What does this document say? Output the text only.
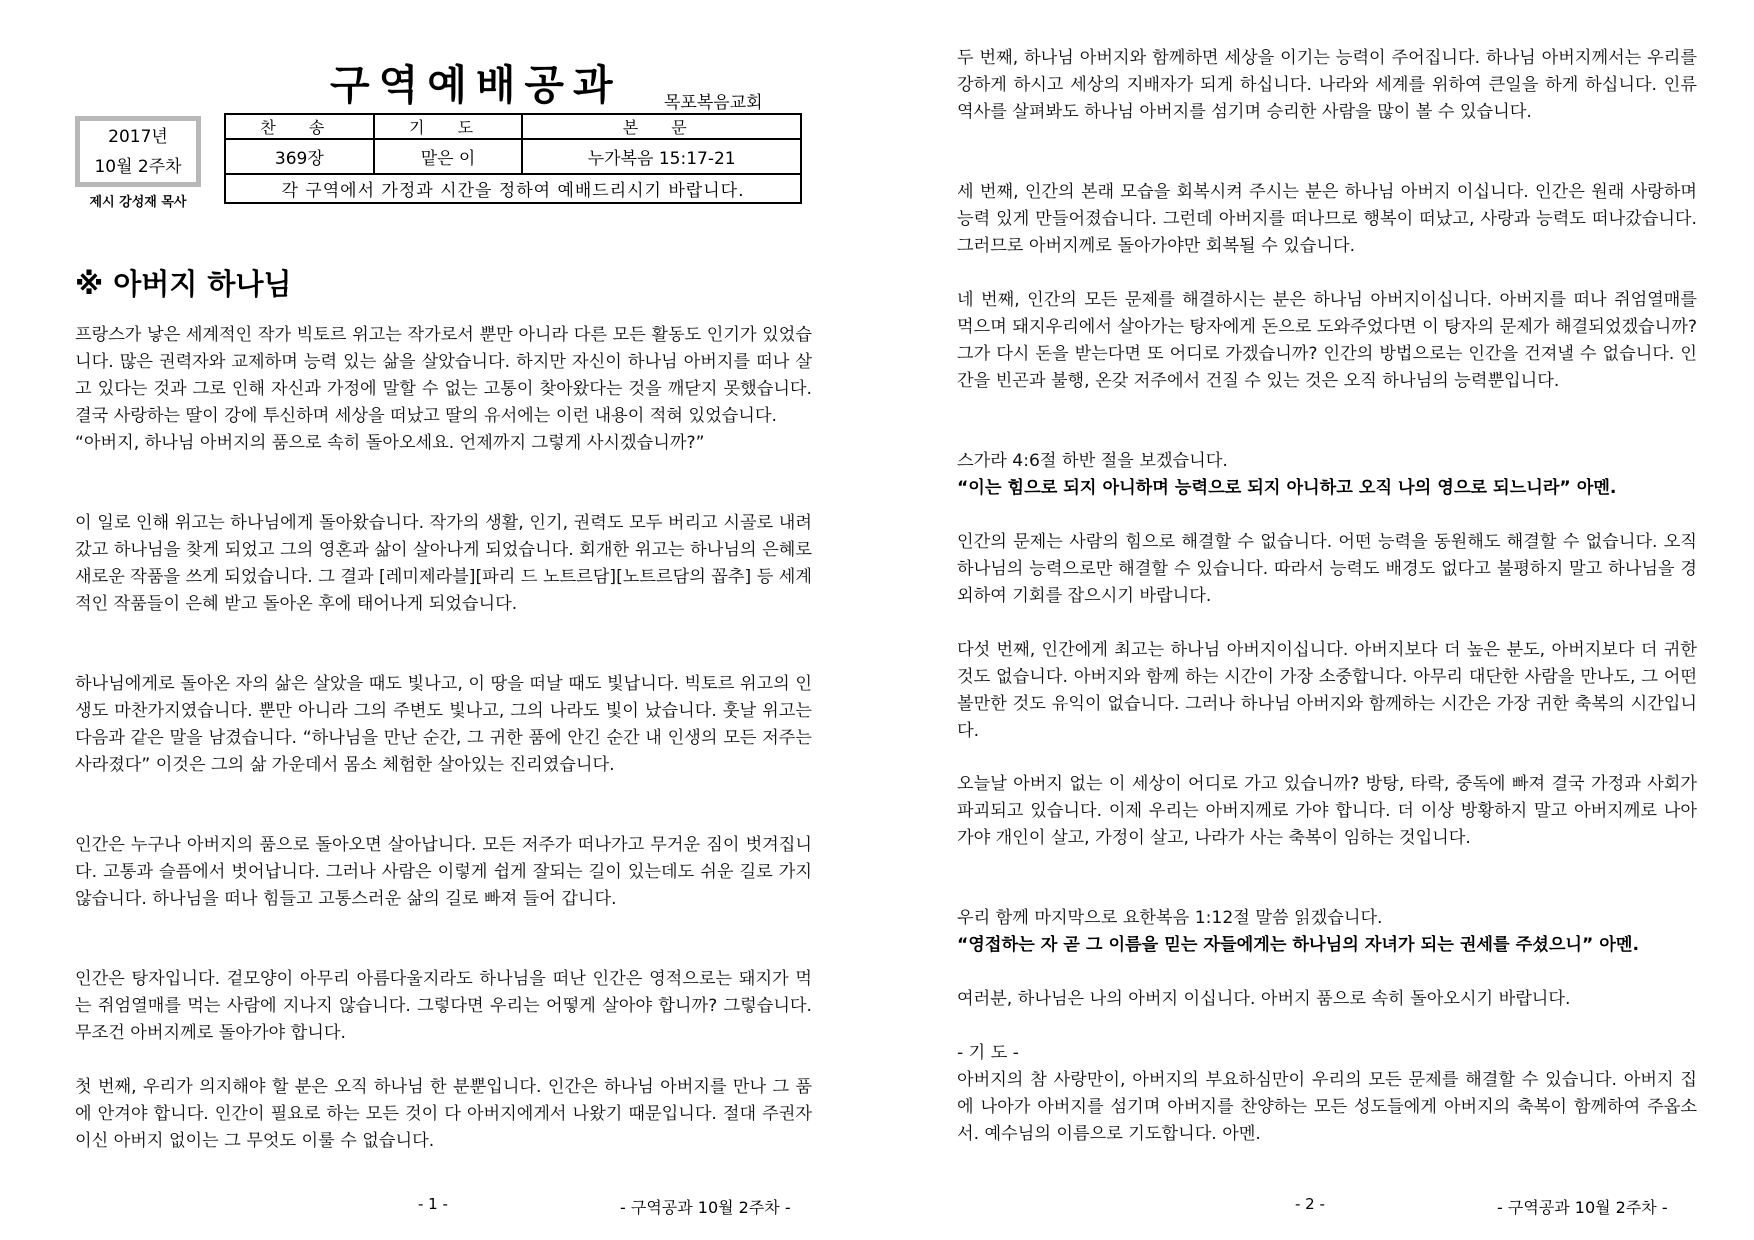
구역예배공과 목포복음교회
2017년
10월 2주차
제시 강성재 목사
찬 송	기 도	본 문
369장	맡은 이	누가복음 15:17-21
각 구역에서 가정과 시간을 정하여 예배드리시기 바랍니다.		
※ 아버지 하나님
프랑스가 낳은 세계적인 작가 빅토르 위고는 작가로서 뿐만 아니라 다른 모든 활동도 인기가 있었습니다. 많은 권력자와 교제하며 능력 있는 삶을 살았습니다. 하지만 자신이 하나님 아버지를 떠나 살고 있다는 것과 그로 인해 자신과 가정에 말할 수 없는 고통이 찾아왔다는 것을 깨닫지 못했습니다. 결국 사랑하는 딸이 강에 투신하며 세상을 떠났고 딸의 유서에는 이런 내용이 적혀 있었습니다.
“아버지, 하나님 아버지의 품으로 속히 돌아오세요. 언제까지 그렇게 사시겠습니까?”
이 일로 인해 위고는 하나님에게 돌아왔습니다. 작가의 생활, 인기, 권력도 모두 버리고 시골로 내려갔고 하나님을 찾게 되었고 그의 영혼과 삶이 살아나게 되었습니다. 회개한 위고는 하나님의 은혜로 새로운 작품을 쓰게 되었습니다. 그 결과 [레미제라블][파리 드 노트르담][노트르담의 꼽추] 등 세계적인 작품들이 은혜 받고 돌아온 후에 태어나게 되었습니다.
하나님에게로 돌아온 자의 삶은 살았을 때도 빛나고, 이 땅을 떠날 때도 빛납니다. 빅토르 위고의 인생도 마찬가지였습니다. 뿐만 아니라 그의 주변도 빛나고, 그의 나라도 빛이 났습니다. 훗날 위고는 다음과 같은 말을 남겼습니다. “하나님을 만난 순간, 그 귀한 품에 안긴 순간 내 인생의 모든 저주는 사라졌다” 이것은 그의 삶 가운데서 몸소 체험한 살아있는 진리였습니다.
인간은 누구나 아버지의 품으로 돌아오면 살아납니다. 모든 저주가 떠나가고 무거운 짐이 벗겨집니다. 고통과 슬픔에서 벗어납니다. 그러나 사람은 이렇게 쉽게 잘되는 길이 있는데도 쉬운 길로 가지 않습니다. 하나님을 떠나 힘들고 고통스러운 삶의 길로 빠져 들어 갑니다.
인간은 탕자입니다. 겉모양이 아무리 아름다울지라도 하나님을 떠난 인간은 영적으로는 돼지가 먹는 쥐엄열매를 먹는 사람에 지나지 않습니다. 그렇다면 우리는 어떻게 살아야 합니까? 그렇습니다. 무조건 아버지께로 돌아가야 합니다.
첫 번째, 우리가 의지해야 할 분은 오직 하나님 한 분뿐입니다. 인간은 하나님 아버지를 만나 그 품에 안겨야 합니다. 인간이 필요로 하는 모든 것이 다 아버지에게서 나왔기 때문입니다. 절대 주권자이신 아버지 없이는 그 무엇도 이룰 수 없습니다.
- 1 -	- 구역공과 10월 2주차 -
두 번째, 하나님 아버지와 함께하면 세상을 이기는 능력이 주어집니다. 하나님 아버지께서는 우리를 강하게 하시고 세상의 지배자가 되게 하십니다. 나라와 세계를 위하여 큰일을 하게 하십니다. 인류 역사를 살펴봐도 하나님 아버지를 섬기며 승리한 사람을 많이 볼 수 있습니다.
세 번째, 인간의 본래 모습을 회복시켜 주시는 분은 하나님 아버지 이십니다. 인간은 원래 사랑하며 능력 있게 만들어졌습니다. 그런데 아버지를 떠나므로 행복이 떠났고, 사랑과 능력도 떠나갔습니다. 그러므로 아버지께로 돌아가야만 회복될 수 있습니다.
네 번째, 인간의 모든 문제를 해결하시는 분은 하나님 아버지이십니다. 아버지를 떠나 쥐엄열매를 먹으며 돼지우리에서 살아가는 탕자에게 돈으로 도와주었다면 이 탕자의 문제가 해결되었겠습니까? 그가 다시 돈을 받는다면 또 어디로 가겠습니까? 인간의 방법으로는 인간을 건져낼 수 없습니다. 인간을 빈곤과 불행, 온갖 저주에서 건질 수 있는 것은 오직 하나님의 능력뿐입니다.
스가라 4:6절 하반 절을 보겠습니다.
“이는 힘으로 되지 아니하며 능력으로 되지 아니하고 오직 나의 영으로 되느니라” 아멘.
인간의 문제는 사람의 힘으로 해결할 수 없습니다. 어떤 능력을 동원해도 해결할 수 없습니다. 오직 하나님의 능력으로만 해결할 수 있습니다. 따라서 능력도 배경도 없다고 불평하지 말고 하나님을 경외하여 기회를 잡으시기 바랍니다.
다섯 번째, 인간에게 최고는 하나님 아버지이십니다. 아버지보다 더 높은 분도, 아버지보다 더 귀한 것도 없습니다. 아버지와 함께 하는 시간이 가장 소중합니다. 아무리 대단한 사람을 만나도, 그 어떤 볼만한 것도 유익이 없습니다. 그러나 하나님 아버지와 함께하는 시간은 가장 귀한 축복의 시간입니다.
오늘날 아버지 없는 이 세상이 어디로 가고 있습니까? 방탕, 타락, 중독에 빠져 결국 가정과 사회가 파괴되고 있습니다. 이제 우리는 아버지께로 가야 합니다. 더 이상 방황하지 말고 아버지께로 나아가야 개인이 살고, 가정이 살고, 나라가 사는 축복이 임하는 것입니다.
우리 함께 마지막으로 요한복음 1:12절 말씀 읽겠습니다.
“영접하는 자 곧 그 이름을 믿는 자들에게는 하나님의 자녀가 되는 권세를 주셨으니” 아멘.
여러분, 하나님은 나의 아버지 이십니다. 아버지 품으로 속히 돌아오시기 바랍니다.
- 기 도 -
아버지의 참 사랑만이, 아버지의 부요하심만이 우리의 모든 문제를 해결할 수 있습니다. 아버지 집에 나아가 아버지를 섬기며 아버지를 찬양하는 모든 성도들에게 아버지의 축복이 함께하여 주옵소서. 예수님의 이름으로 기도합니다. 아멘.
- 2 -	- 구역공과 10월 2주차 -
